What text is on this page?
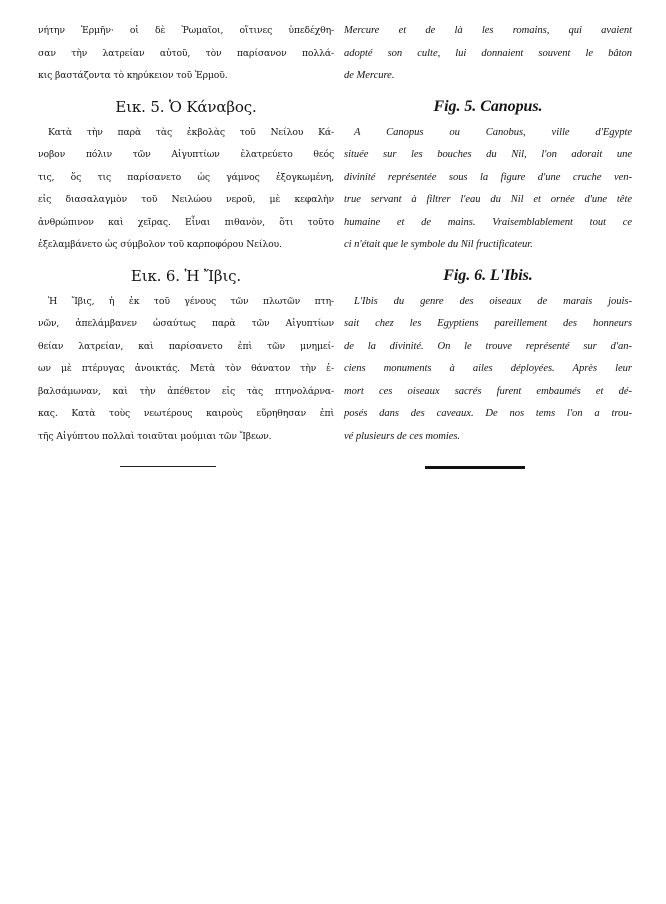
νήτην Ἑρμῆν· οἱ δὲ Ῥωμαῖοι, οἵτινες ὑπεδέχθη-
σαν τὴν λατρείαν αὐτοῦ, τὸν παρίσανον πολλά-
κις βαστάζοντα τὸ κηρύκειον τοῦ Ἑρμοῦ.
Εικ. 5. Ὁ Κάναβος.
Κατὰ τὴν παρὰ τὰς ἐκβολὰς τοῦ Νείλου Κά-
νοβον πόλιν τῶν Αἰγυπτίων ἐλατρεύετο θεός
τις, ὅς τις παρίσανετο ὡς γάμνος ἐξογκωμένη,
εἰς διασαλαγμὸν τοῦ Νειλώου νεροῦ, μὲ κεφαλὴν
ἀνθρώπινον καὶ χεῖρας. Εἶναι πιθανὸν, ὅτι τοῦτο
ἐξελαμβάνετο ὡς σύμβολον τοῦ καρποφόρου Νείλου.
Εικ. 6. Ἡ Ἴβις.
Ἡ Ἴβις, ἡ ἐκ τοῦ γένους τῶν πλωτῶν πτη-
νῶν, ἀπελάμβανεν ὡσαύτως παρὰ τῶν Αἰγυπτίων
θείαν λατρείαν, καὶ παρίσανετο ἐπὶ τῶν μνημεί-
ων μὲ πτέρυγας ἀνοικτάς. Μετὰ τὸν θάνατον τὴν ἐ-
βαλσάμωναν, καὶ τὴν ἀπέθετον εἰς τὰς πτηνολάρνα-
κας. Κατὰ τοὺς νεωτέρους καιροὺς εὕρηθησαν ἐπὶ
τῆς Αἰγύπτου πολλαὶ τοιαῦται μούμιαι τῶν Ἴβεων.
Mercure et de là les romains, qui avaient
adopté son culte, lui donnaient souvent le bâton
de Mercure.
Fig. 5. Canopus.
A Canopus ou Canobus, ville d'Egypte
située sur les bouches du Nil, l'on adorait une
divinité représentée sous la figure d'une cruche ven-
true servant à filtrer l'eau du Nil et ornée d'une tête
humaine et de mains. Vraisemblablement tout ce
ci n'était que le symbole du Nil fructificateur.
Fig. 6. L'Ibis.
L'Ibis du genre des oiseaux de marais jouis-
sait chez les Egyptiens pareillement des honneurs
de la divinité. On le trouve représenté sur d'an-
ciens monuments à ailes déployées. Après leur
mort ces oiseaux sacrés furent embaumés et dé-
posés dans des caveaux. De nos tems l'on a trou-
vé plusieurs de ces momies.
